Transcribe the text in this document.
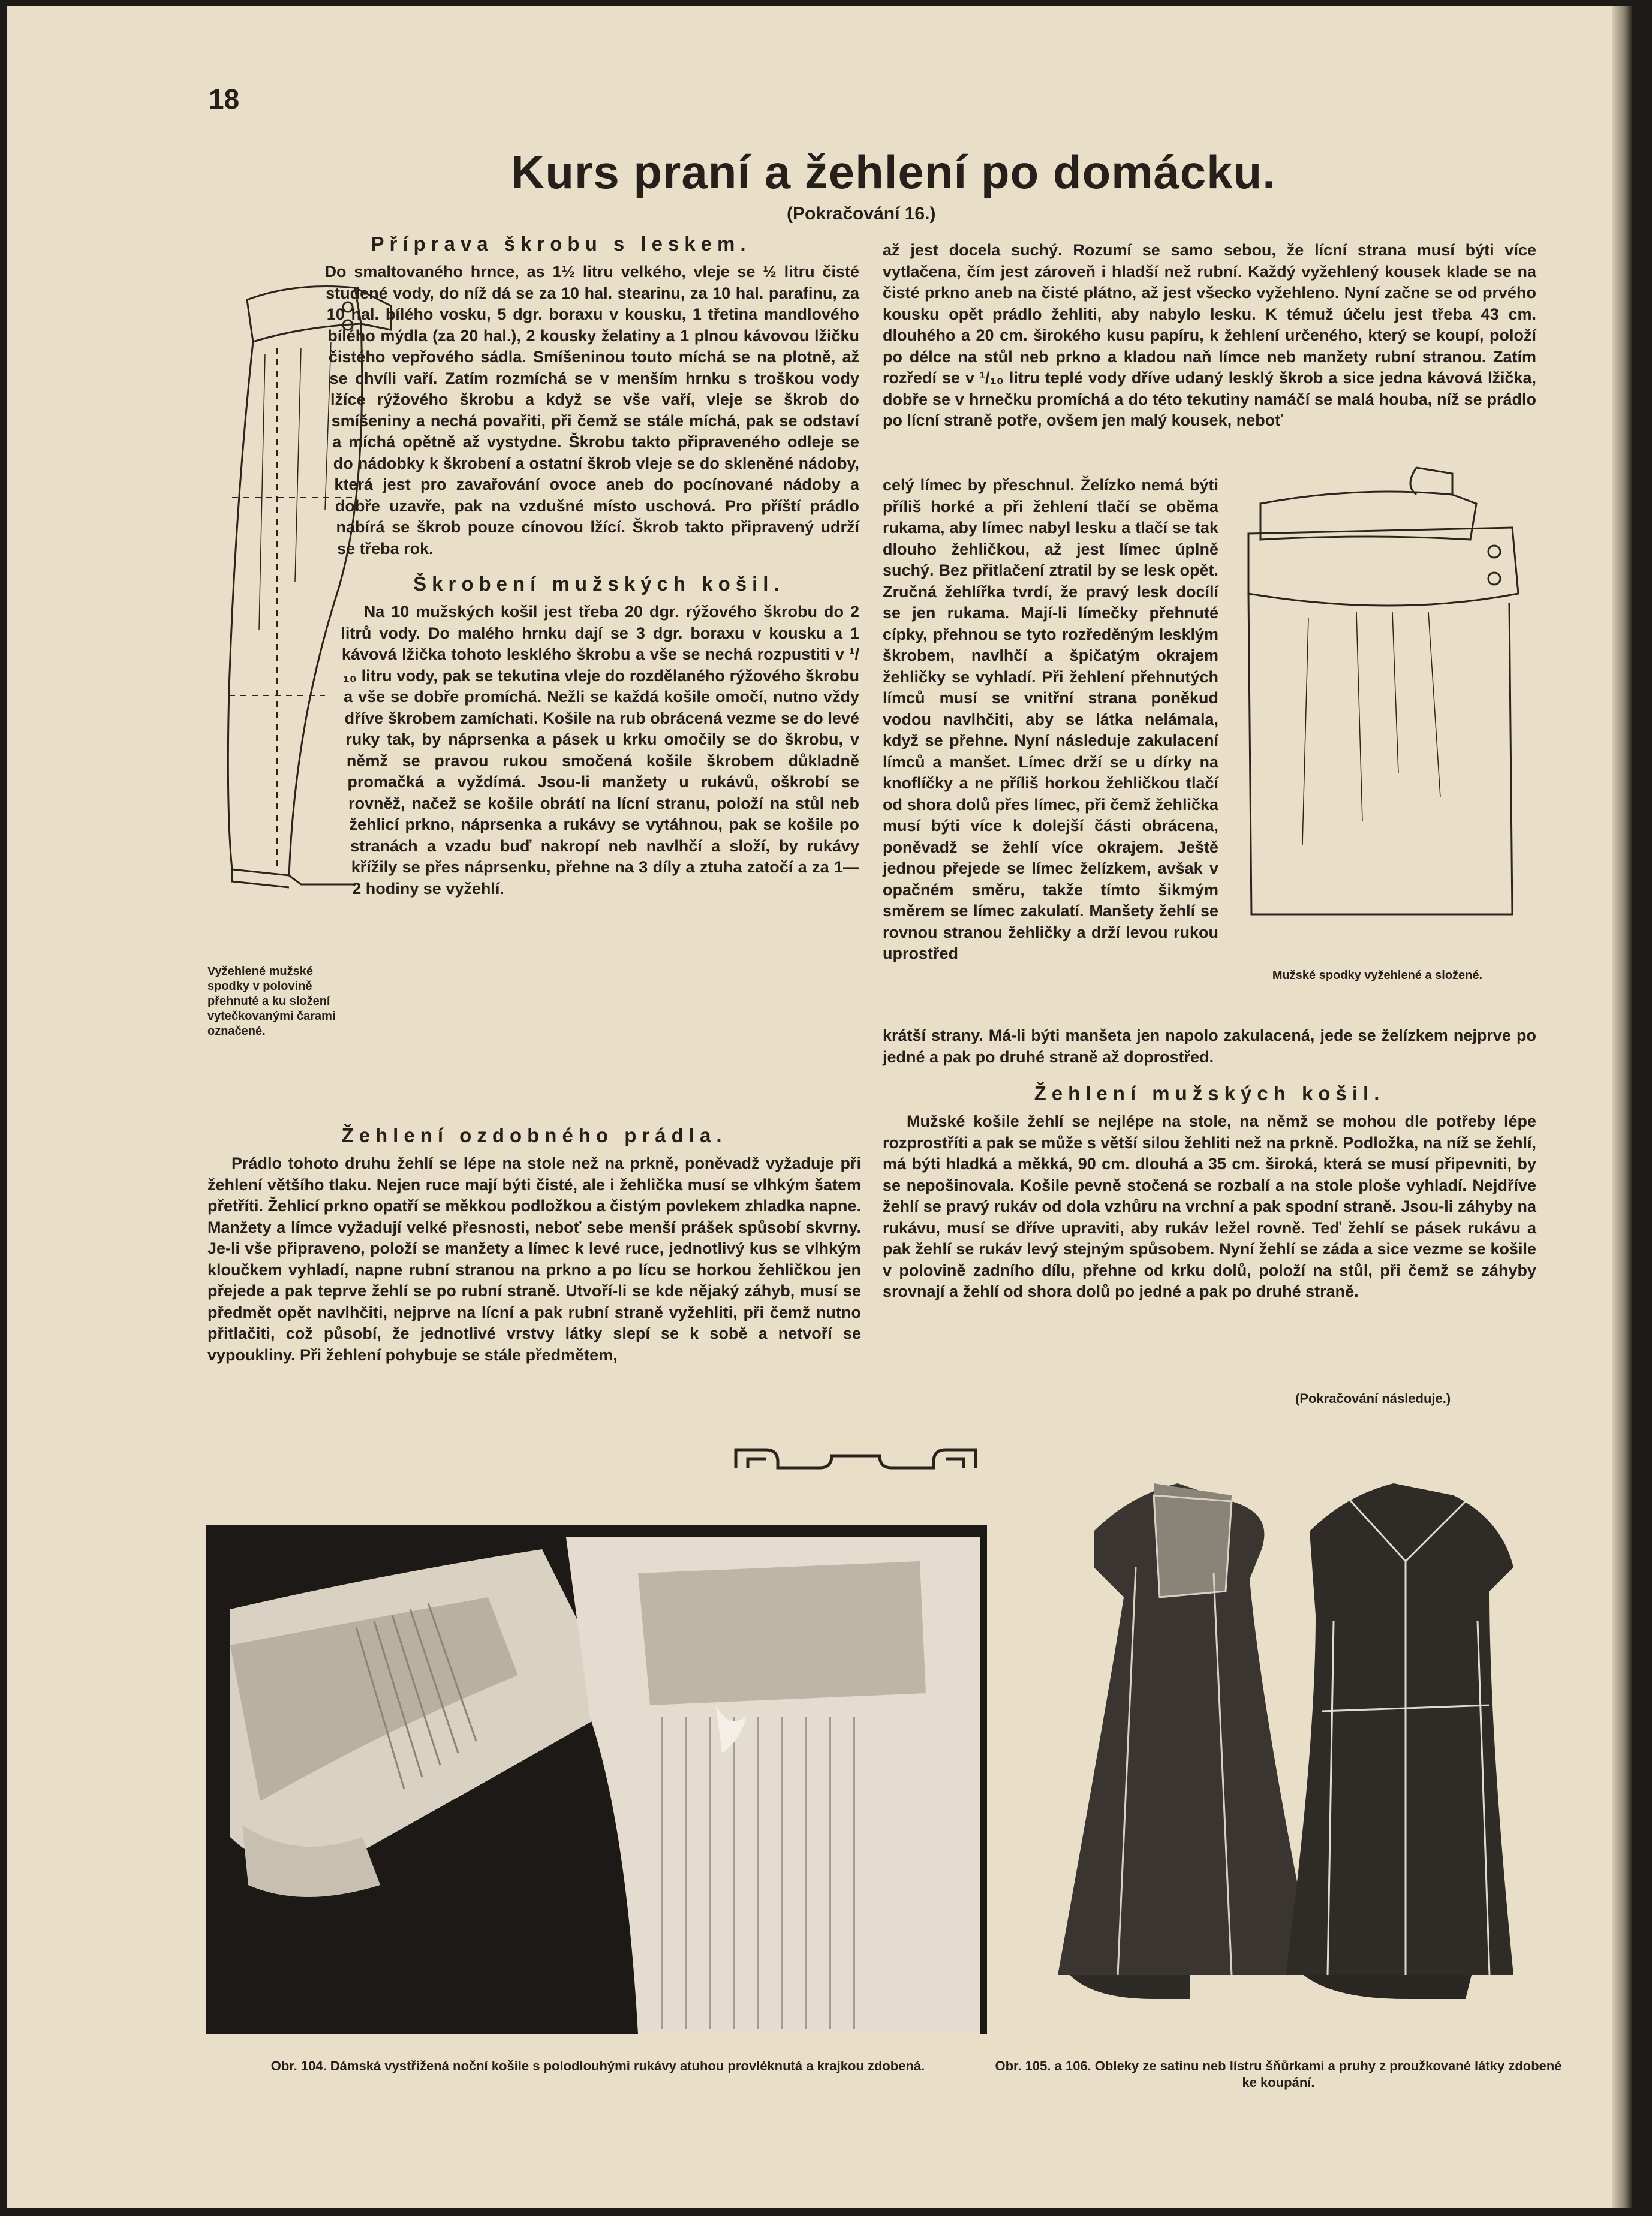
18
Kurs praní a žehlení po domácku.
(Pokračování 16.)
Příprava škrobu s leskem.

Do smaltovaného hrnce, as 1½ litru velkého, vleje se ½ litru čisté studené vody, do níž dá se za 10 hal. stearinu, za 10 hal. parafinu, za 10 hal. bílého vosku, 5 dgr. boraxu v kousku, 1 třetina mandlového bílého mýdla (za 20 hal.), 2 kousky želatiny a 1 plnou kávovou lžičku čistého vepřového sádla. Smíšeninou touto míchá se na plotně, až se chvíli vaří. Zatím rozmíchá se v menším hrnku s troškou vody lžíce rýžového škrobu a když se vše vaří, vleje se škrob do smíšeniny a nechá povařiti, při čemž se stále míchá, pak se odstaví a míchá opětně až vystydne. Škrobu takto připraveného odleje se do nádobky k škrobení a ostatní škrob vleje se do skleněné nádoby, která jest pro zavařování ovoce aneb do pocínované nádoby a dobře uzavře, pak na vzdušné místo uschová. Pro příští prádlo nabírá se škrob pouze cínovou lžící. Škrob takto připravený udrží se třeba rok.

Škrobení mužských košil.

Na 10 mužských košil jest třeba 20 dgr. rýžového škrobu do 2 litrů vody. Do malého hrnku dají se 3 dgr. boraxu v kousku a 1 kávová lžička tohoto lesklého škrobu a vše se nechá rozpustiti v ¹/₁₀ litru vody, pak se tekutina vleje do rozdělaného rýžového škrobu a vše se dobře promíchá. Nežli se každá košile omočí, nutno vždy dříve škrobem zamíchati. Košile na rub obrácená vezme se do levé ruky tak, by náprsenka a pásek u krku omočily se do škrobu, v němž se pravou rukou smočená košile škrobem důkladně promačká a vyždímá. Jsou-li manžety u rukávů, oškrobí se rovněž, načež se košile obrátí na lícní stranu, položí na stůl neb žehlicí prkno, náprsenka a rukávy se vytáhnou, pak se košile po stranách a vzadu buď nakropí neb navlhčí a složí, by rukávy křížily se přes náprsenku, přehne na 3 díly a ztuha zatočí a za 1—2 hodiny se vyžehlí.

Vyžehlené mužské spodky v polovině přehnuté a ku složení vytečkovanými čarami označené.
Žehlení ozdobného prádla.

Prádlo tohoto druhu žehlí se lépe na stole než na prkně, poněvadž vyžaduje při žehlení většího tlaku. Nejen ruce mají býti čisté, ale i žehlička musí se vlhkým šatem přetříti. Žehlicí prkno opatří se měkkou podložkou a čistým povlekem zhladka napne. Manžety a límce vyžadují velké přesnosti, neboť sebe menší prášek spůsobí skvrny. Je-li vše připraveno, položí se manžety a límec k levé ruce, jednotlivý kus se vlhkým kloučkem vyhladí, napne rubní stranou na prkno a po lícu se horkou žehličkou jen přejede a pak teprve žehlí se po rubní straně. Utvoří-li se kde nějaký záhyb, musí se předmět opět navlhčiti, nejprve na lícní a pak rubní straně vyžehliti, při čemž nutno přitlačiti, což působí, že jednotlivé vrstvy látky slepí se k sobě a netvoří se vypoukliny. Při žehlení pohybuje se stále předmětem,

až jest docela suchý. Rozumí se samo sebou, že lícní strana musí býti více vytlačena, čím jest zároveň i hladší než rubní. Každý vyžehlený kousek klade se na čisté prkno aneb na čisté plátno, až jest všecko vyžehleno. Nyní začne se od prvého kousku opět prádlo žehliti, aby nabylo lesku. K témuž účelu jest třeba 43 cm. dlouhého a 20 cm. širokého kusu papíru, k žehlení určeného, který se koupí, položí po délce na stůl neb prkno a kladou naň límce neb manžety rubní stranou. Zatím rozředí se v ¹/₁₀ litru teplé vody dříve udaný lesklý škrob a sice jedna kávová lžička, dobře se v hrnečku promíchá a do této tekutiny namáčí se malá houba, níž se prádlo po lícní straně potře, ovšem jen malý kousek, neboť

celý límec by přeschnul. Želízko nemá býti příliš horké a při žehlení tlačí se oběma rukama, aby límec nabyl lesku a tlačí se tak dlouho žehličkou, až jest límec úplně suchý. Bez přitlačení ztratil by se lesk opět. Zručná žehlířka tvrdí, že pravý lesk docílí se jen rukama. Mají-li límečky přehnuté cípky, přehnou se tyto rozředěným lesklým škrobem, navlhčí a špičatým okrajem žehličky se vyhladí. Při žehlení přehnutých límců musí se vnitřní strana poněkud vodou navlhčiti, aby se látka nelámala, když se přehne. Nyní následuje zakulacení límců a manšet. Límec drží se u dírky na knoflíčky a ne příliš horkou žehličkou tlačí od shora dolů přes límec, při čemž žehlička musí býti více k dolejší části obrácena, poněvadž se žehlí více okrajem. Ještě jednou přejede se límec želízkem, avšak v opačném směru, takže tímto šikmým směrem se límec zakulatí. Manšety žehlí se rovnou stranou žehličky a drží levou rukou uprostřed

Mužské spodky vyžehlené a složené.

krátší strany. Má-li býti manšeta jen napolo zakulacená, jede se želízkem nejprve po jedné a pak po druhé straně až doprostřed.

Žehlení mužských košil.

Mužské košile žehlí se nejlépe na stole, na němž se mohou dle potřeby lépe rozprostříti a pak se může s větší silou žehliti než na prkně. Podložka, na níž se žehlí, má býti hladká a měkká, 90 cm. dlouhá a 35 cm. široká, která se musí připevniti, by se nepošinovala. Košile pevně stočená se rozbalí a na stole ploše vyhladí. Nejdříve žehlí se pravý rukáv od dola vzhůru na vrchní a pak spodní straně. Jsou-li záhyby na rukávu, musí se dříve upraviti, aby rukáv ležel rovně. Teď žehlí se pásek rukávu a pak žehlí se rukáv levý stejným spůsobem. Nyní žehlí se záda a sice vezme se košile v polovině zadního dílu, přehne od krku dolů, položí na stůl, při čemž se záhyby srovnají a žehlí od shora dolů po jedné a pak po druhé straně.

(Pokračování následuje.)
Obr. 104. Dámská vystřižená noční košile s polodlouhými rukávy atuhou provléknutá a krajkou zdobená.	Obr. 105. a 106. Obleky ze satinu neb lístru šňůrkami a pruhy z proužkované látky zdobené ke koupání.
